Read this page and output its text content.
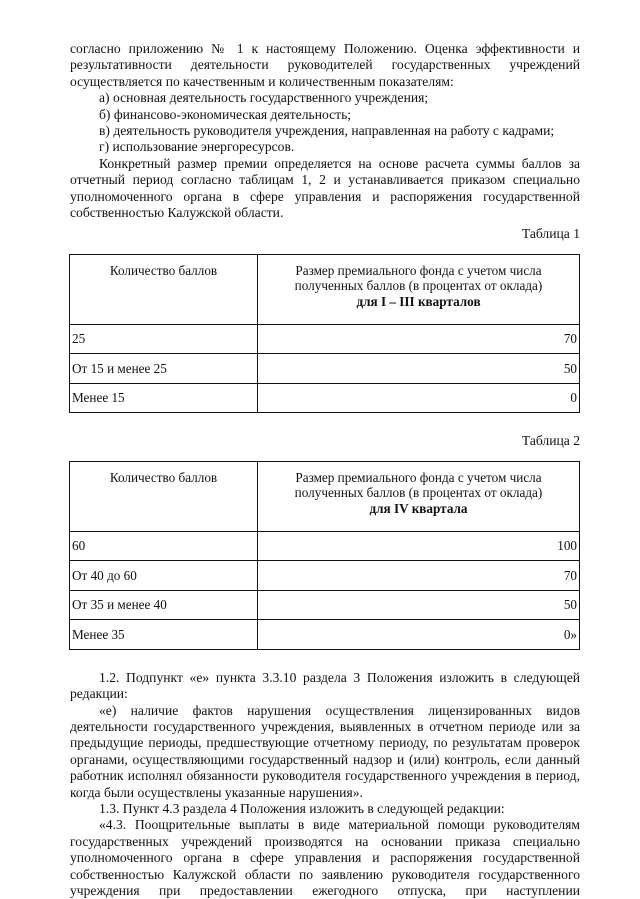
согласно приложению № 1 к настоящему Положению. Оценка эффективности и результативности деятельности руководителей государственных учреждений осуществляется по качественным и количественным показателям:

а) основная деятельность государственного учреждения;

б) финансово-экономическая деятельность;

в) деятельность руководителя учреждения, направленная на работу с кадрами;

г) использование энергоресурсов.

Конкретный размер премии определяется на основе расчета суммы баллов за отчетный период согласно таблицам 1, 2 и устанавливается приказом специально уполномоченного органа в сфере управления и распоряжения государственной собственностью Калужской области.

Таблица 1

Количество баллов	Размер премиального фонда с учетом числа полученных баллов (в процентах от оклада)
для I – III кварталов

25	70
От 15 и менее 25	50
Менее 15	0

Таблица 2

Количество баллов	Размер премиального фонда с учетом числа полученных баллов (в процентах от оклада)
для IV квартала

60	100
От 40 до 60	70
От 35 и менее 40	50
Менее 35	0»

1.2. Подпункт «е» пункта 3.3.10 раздела 3 Положения изложить в следующей редакции:

«е) наличие фактов нарушения осуществления лицензированных видов деятельности государственного учреждения, выявленных в отчетном периоде или за предыдущие периоды, предшествующие отчетному периоду, по результатам проверок органами, осуществляющими государственный надзор и (или) контроль, если данный работник исполнял обязанности руководителя государственного учреждения в период, когда были осуществлены указанные нарушения».

1.3. Пункт 4.3 раздела 4 Положения изложить в следующей редакции:

«4.3. Поощрительные выплаты в виде материальной помощи руководителям государственных учреждений производятся на основании приказа специально уполномоченного органа в сфере управления и распоряжения государственной собственностью Калужской области по заявлению руководителя государственного учреждения при предоставлении ежегодного отпуска, при наступлении
